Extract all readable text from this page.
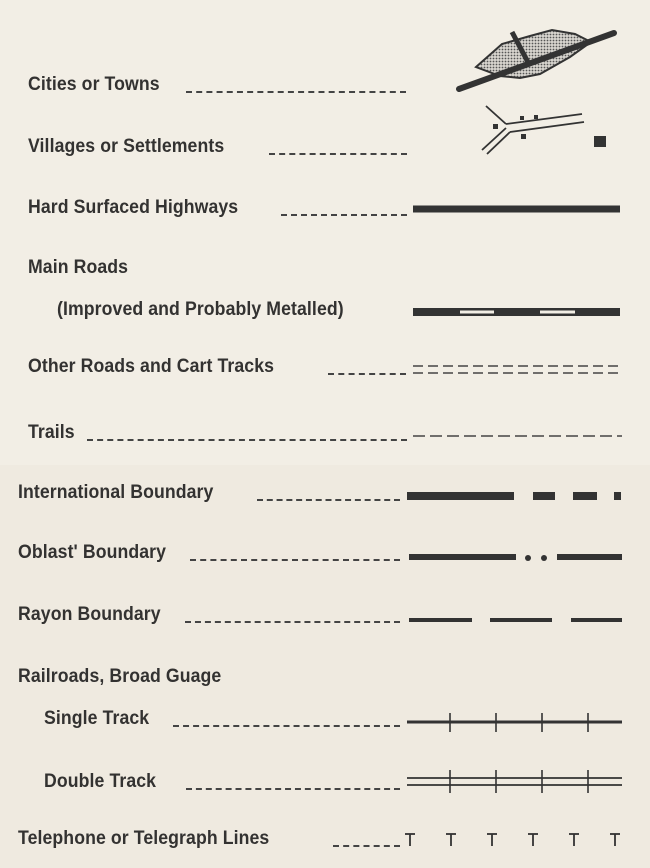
Cities or Towns
Villages or Settlements
Hard Surfaced Highways
Main Roads
(Improved and Probably Metalled)
Other Roads and Cart Tracks
Trails
International Boundary
Oblast' Boundary
Rayon Boundary
Railroads, Broad Guage
Single Track
Double Track
Telephone or Telegraph Lines
